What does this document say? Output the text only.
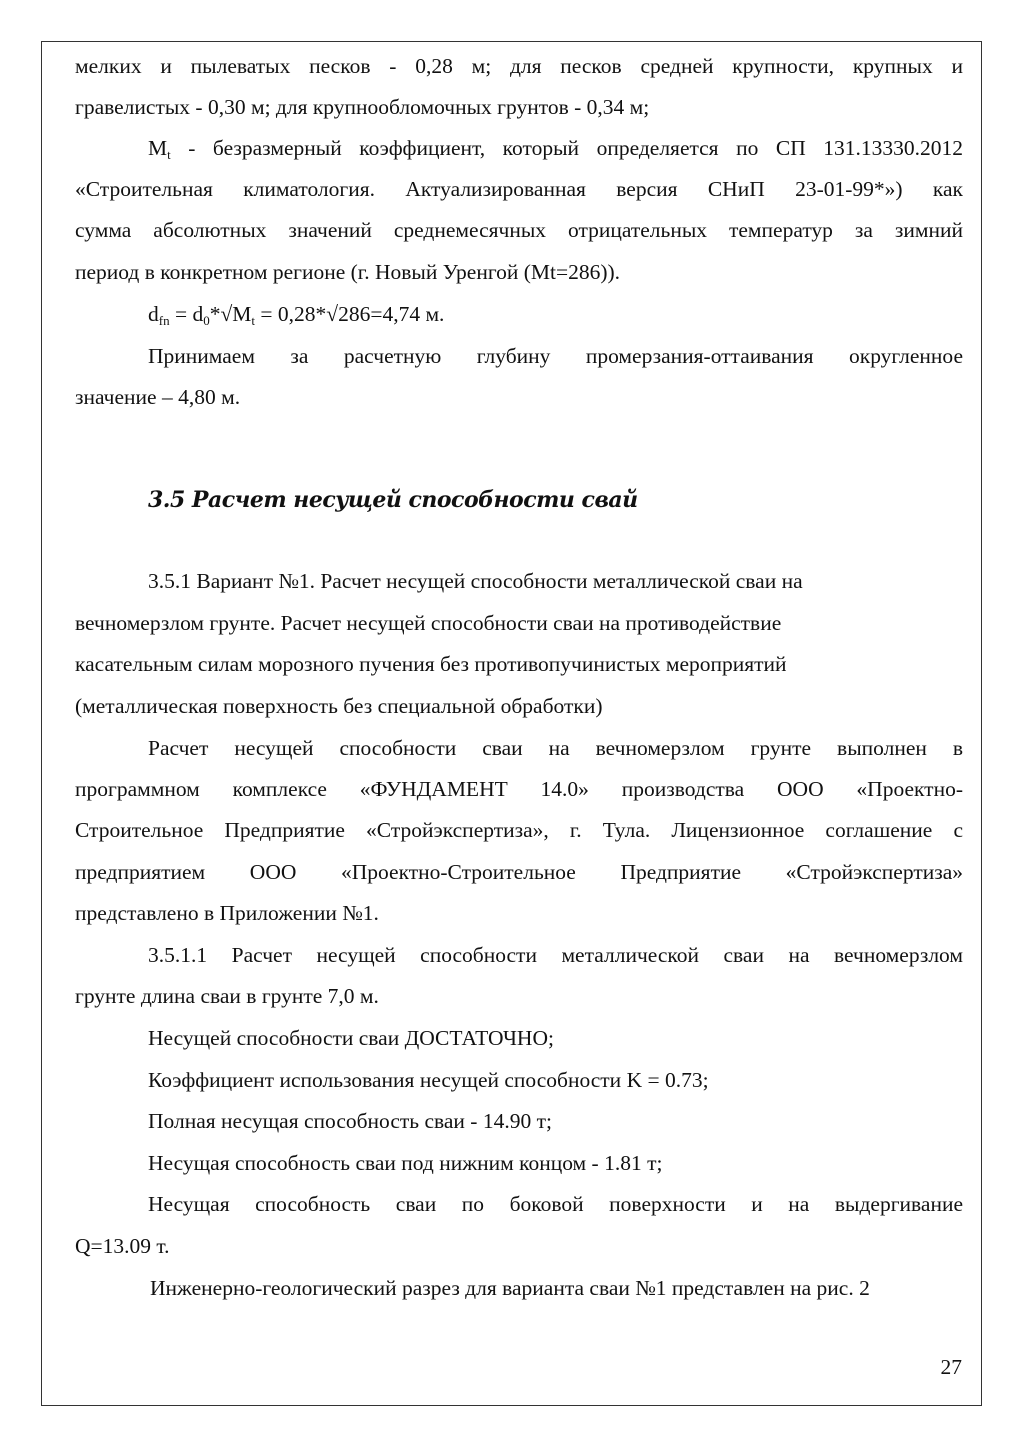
мелких и пылеватых песков - 0,28 м; для песков средней крупности, крупных и
гравелистых - 0,30 м; для крупнообломочных грунтов - 0,34 м;
$M_t$ - безразмерный коэффициент, который определяется по СП 131.13330.2012
«Строительная климатология. Актуализированная версия СНиП 23-01-99*») как
сумма абсолютных значений среднемесячных отрицательных температур за зимний
период в конкретном регионе (г. Новый Уренгой (Mt=286)).
$d_{fn} = d_0*√M_t = 0,28*√286=4,74$ м.
Принимаем за расчетную глубину промерзания-оттаивания округленное
значение – 4,80 м.
3.5 Расчет несущей способности свай
3.5.1 Вариант №1. Расчет несущей способности металлической сваи на
вечномерзлом грунте. Расчет несущей способности сваи на противодействие
касательным силам морозного пучения без противопучинистых мероприятий
(металлическая поверхность без специальной обработки)
Расчет несущей способности сваи на вечномерзлом грунте выполнен в
программном комплексе «ФУНДАМЕНТ 14.0» производства ООО «Проектно-
Строительное Предприятие «Стройэкспертиза», г. Тула. Лицензионное соглашение с
предприятием ООО «Проектно-Строительное Предприятие «Стройэкспертиза»
представлено в Приложении №1.
3.5.1.1 Расчет несущей способности металлической сваи на вечномерзлом
грунте длина сваи в грунте 7,0 м.
Несущей способности сваи ДОСТАТОЧНО;
Коэффициент использования несущей способности K = 0.73;
Полная несущая способность сваи - 14.90 т;
Несущая способность сваи под нижним концом - 1.81 т;
Несущая способность сваи по боковой поверхности и на выдергивание
Q=13.09 т.
Инженерно-геологический разрез для варианта сваи №1 представлен на рис. 2
27
